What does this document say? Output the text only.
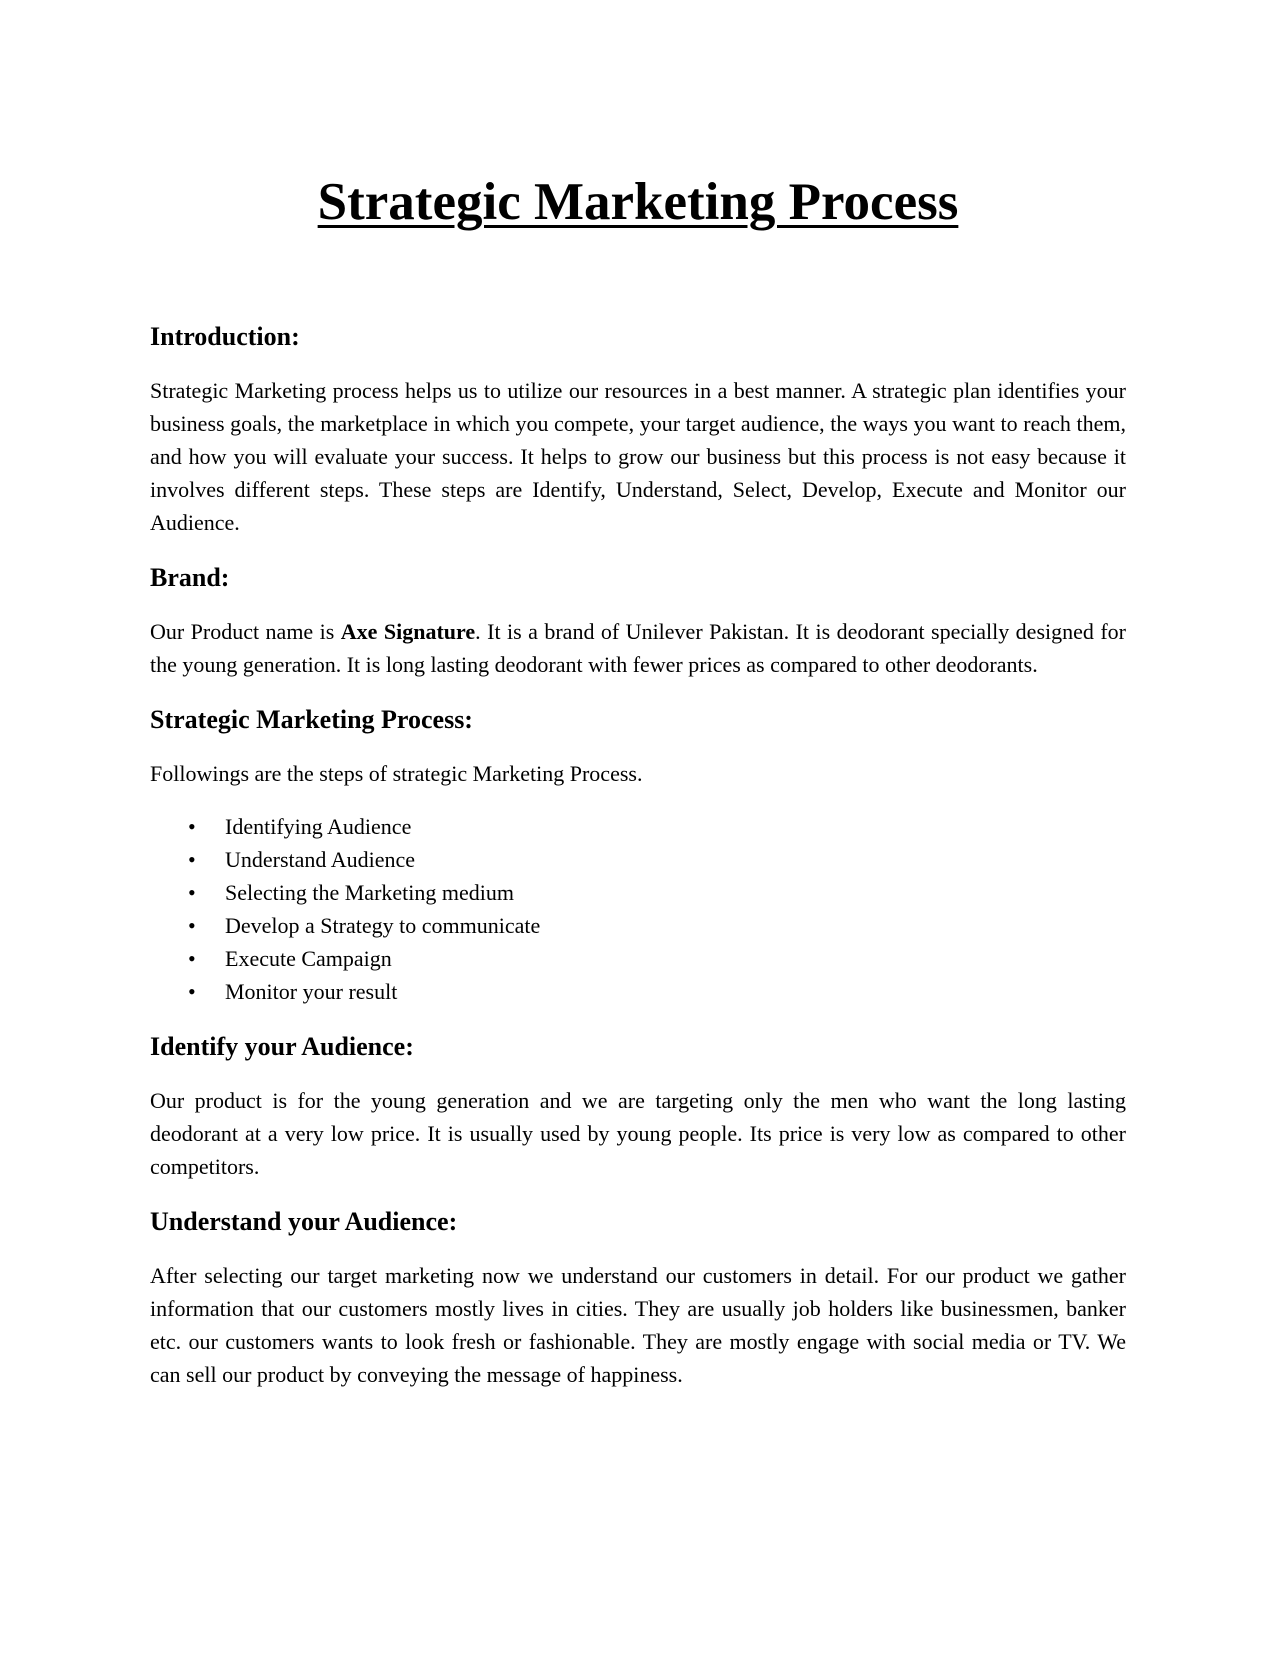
Strategic Marketing Process
Introduction:

Strategic Marketing process helps us to utilize our resources in a best manner. A strategic plan identifies your business goals, the marketplace in which you compete, your target audience, the ways you want to reach them, and how you will evaluate your success. It helps to grow our business but this process is not easy because it involves different steps. These steps are Identify, Understand, Select, Develop, Execute and Monitor our Audience.

Brand:

Our Product name is Axe Signature. It is a brand of Unilever Pakistan. It is deodorant specially designed for the young generation. It is long lasting deodorant with fewer prices as compared to other deodorants.

Strategic Marketing Process:

Followings are the steps of strategic Marketing Process.

• Identifying Audience
• Understand Audience
• Selecting the Marketing medium
• Develop a Strategy to communicate
• Execute Campaign
• Monitor your result
Identify your Audience:

Our product is for the young generation and we are targeting only the men who want the long lasting deodorant at a very low price. It is usually used by young people. Its price is very low as compared to other competitors.

Understand your Audience:

After selecting our target marketing now we understand our customers in detail. For our product we gather information that our customers mostly lives in cities. They are usually job holders like businessmen, banker etc. our customers wants to look fresh or fashionable. They are mostly engage with social media or TV. We can sell our product by conveying the message of happiness.
